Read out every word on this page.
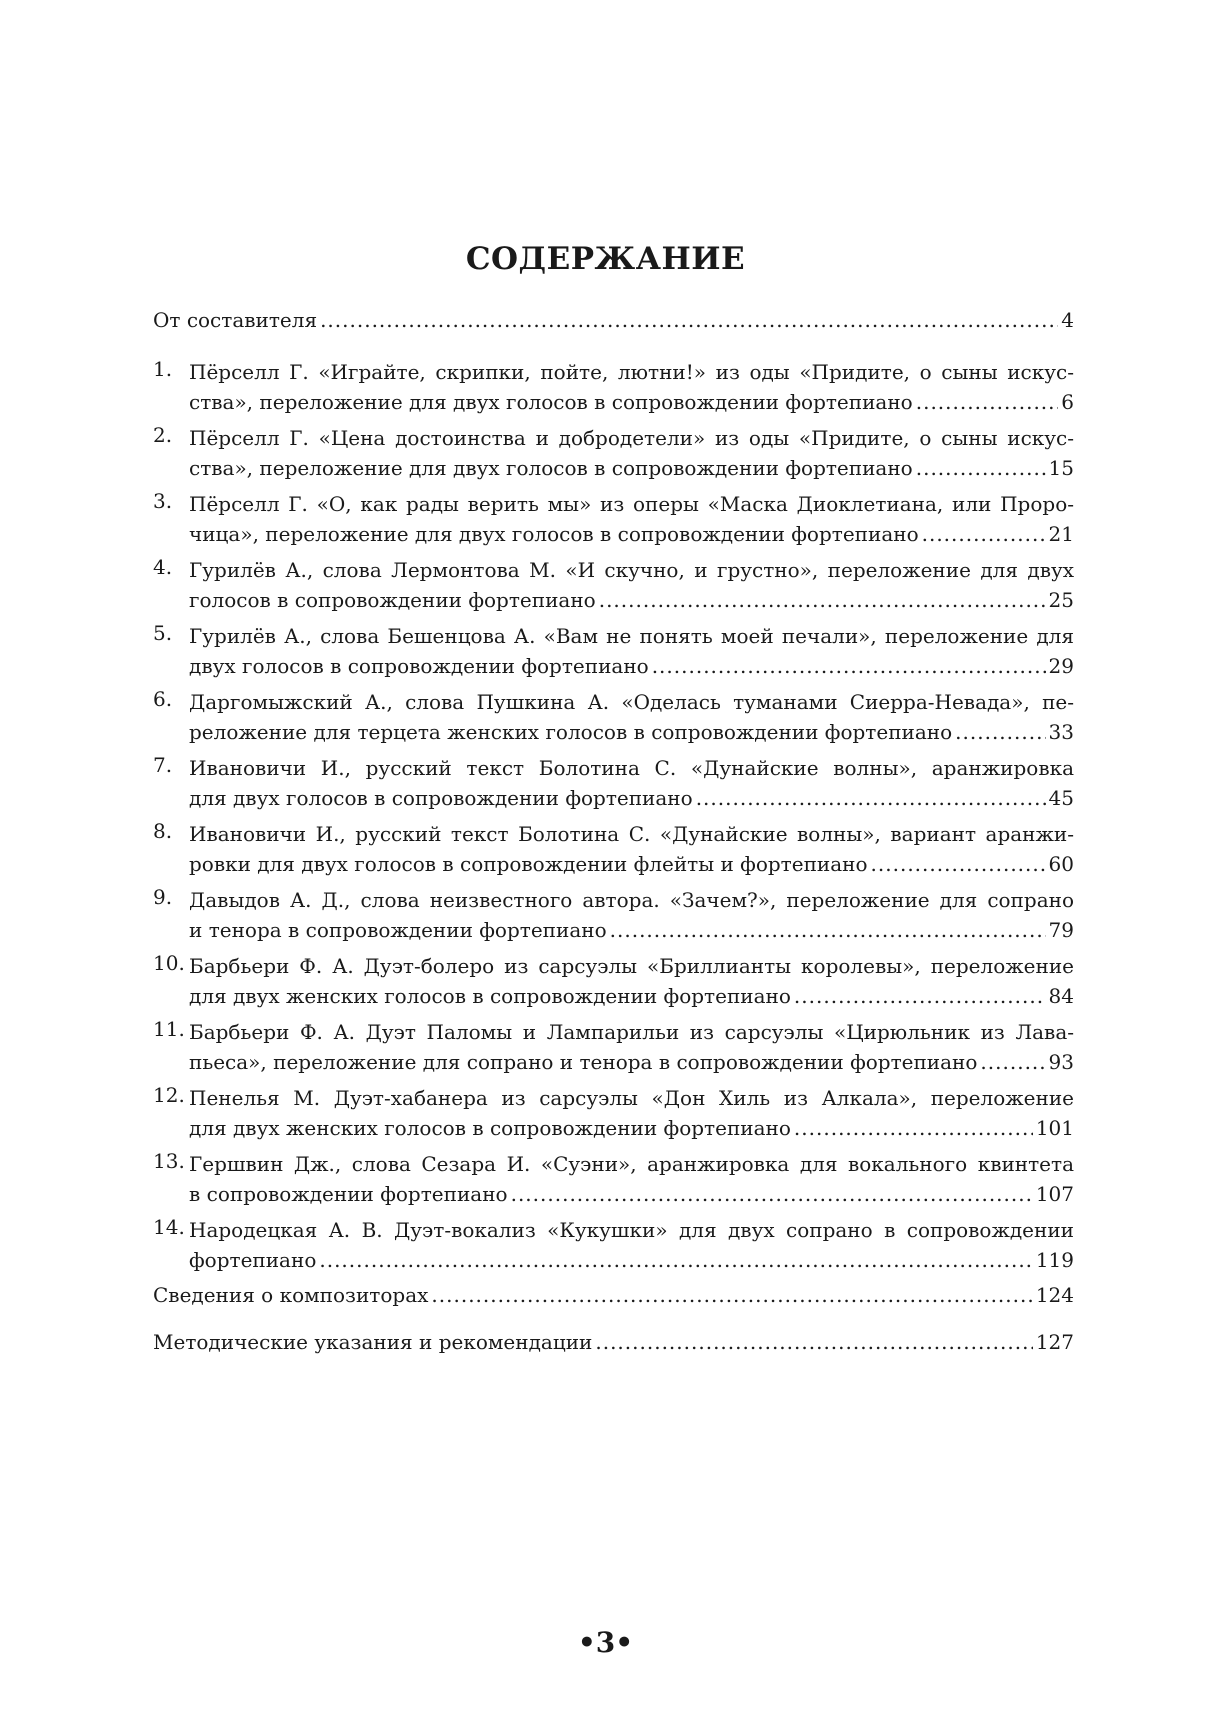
СОДЕРЖАНИЕ
От составителя .....	4
1. Пёрселл Г. «Играйте, скрипки, пойте, лютни!» из оды «Придите, о сыны искус-
ства», переложение для двух голосов в сопровождении фортепиано .....	6
2. Пёрселл Г. «Цена достоинства и добродетели» из оды «Придите, о сыны искус-
ства», переложение для двух голосов в сопровождении фортепиано .....	15
3. Пёрселл Г. «О, как рады верить мы» из оперы «Маска Диоклетиана, или Проро-
чица», переложение для двух голосов в сопровождении фортепиано .....	21
4. Гурилёв А., слова Лермонтова М. «И скучно, и грустно», переложение для двух
голосов в сопровождении фортепиано .....	25
5. Гурилёв А., слова Бешенцова А. «Вам не понять моей печали», переложение для
двух голосов в сопровождении фортепиано .....	29
6. Даргомыжский А., слова Пушкина А. «Оделась туманами Сиерра-Невада», пе-
реложение для терцета женских голосов в сопровождении фортепиано .....	33
7. Ивановичи И., русский текст Болотина С. «Дунайские волны», аранжировка
для двух голосов в сопровождении фортепиано .....	45
8. Ивановичи И., русский текст Болотина С. «Дунайские волны», вариант аранжи-
ровки для двух голосов в сопровождении флейты и фортепиано .....	60
9. Давыдов А. Д., слова неизвестного автора. «Зачем?», переложение для сопрано
и тенора в сопровождении фортепиано .....	79
10. Барбьери Ф. А. Дуэт-болеро из сарсуэлы «Бриллианты королевы», переложение
для двух женских голосов в сопровождении фортепиано .....	84
11. Барбьери Ф. А. Дуэт Паломы и Лампарильи из сарсуэлы «Цирюльник из Лава-
пьеса», переложение для сопрано и тенора в сопровождении фортепиано .....	93
12. Пенелья М. Дуэт-хабанера из сарсуэлы «Дон Хиль из Алкала», переложение
для двух женских голосов в сопровождении фортепиано .....	101
13. Гершвин Дж., слова Сезара И. «Суэни», аранжировка для вокального квинтета
в сопровождении фортепиано .....	107
14. Народецкая А. В. Дуэт-вокализ «Кукушки» для двух сопрано в сопровождении
фортепиано .....	119
Сведения о композиторах .....	124
Методические указания и рекомендации .....	127
•3•
